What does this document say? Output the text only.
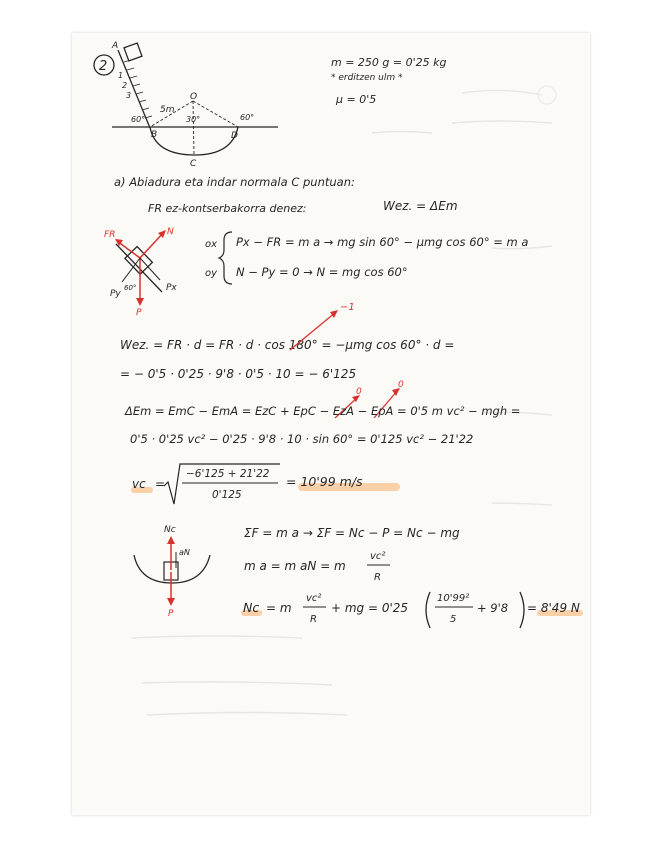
2
1
2
3
A
O
5m
60°	30°	60°
B	D
C
m = 250 g = 0'25 kg
* erditzen ulm *
μ = 0'5
a) Abiadura eta indar normala C puntuan:
FR ez-kontserbakorra denez:	Wez. = ΔEm
FR	N
P
Px
Py
60°
ox
oy
Px − FR = m a → mg sin 60° − μmg cos 60° = m a
N − Py = 0 → N = mg cos 60°
Wez. = FR · d = FR · d · cos 180° = −μmg cos 60° · d =
−1
= − 0'5 · 0'25 · 9'8 · 0'5 · 10 = − 6'125
0
0
ΔEm = EmC − EmA = EzC + EpC − EzA − EpA = 0'5 m vc² − mgh =
0'5 · 0'25 vc² − 0'25 · 9'8 · 10 · sin 60° = 0'125 vc² − 21'22
vc =
−6'125 + 21'22
0'125
= 10'99 m/s
Nc
aN
P
ΣF = m a → ΣF = Nc − P = Nc − mg
m a = m aN = m
vc²
R
Nc = m
vc²
R
+ mg = 0'25
10'99²
5
+ 9'8 = 8'49 N
